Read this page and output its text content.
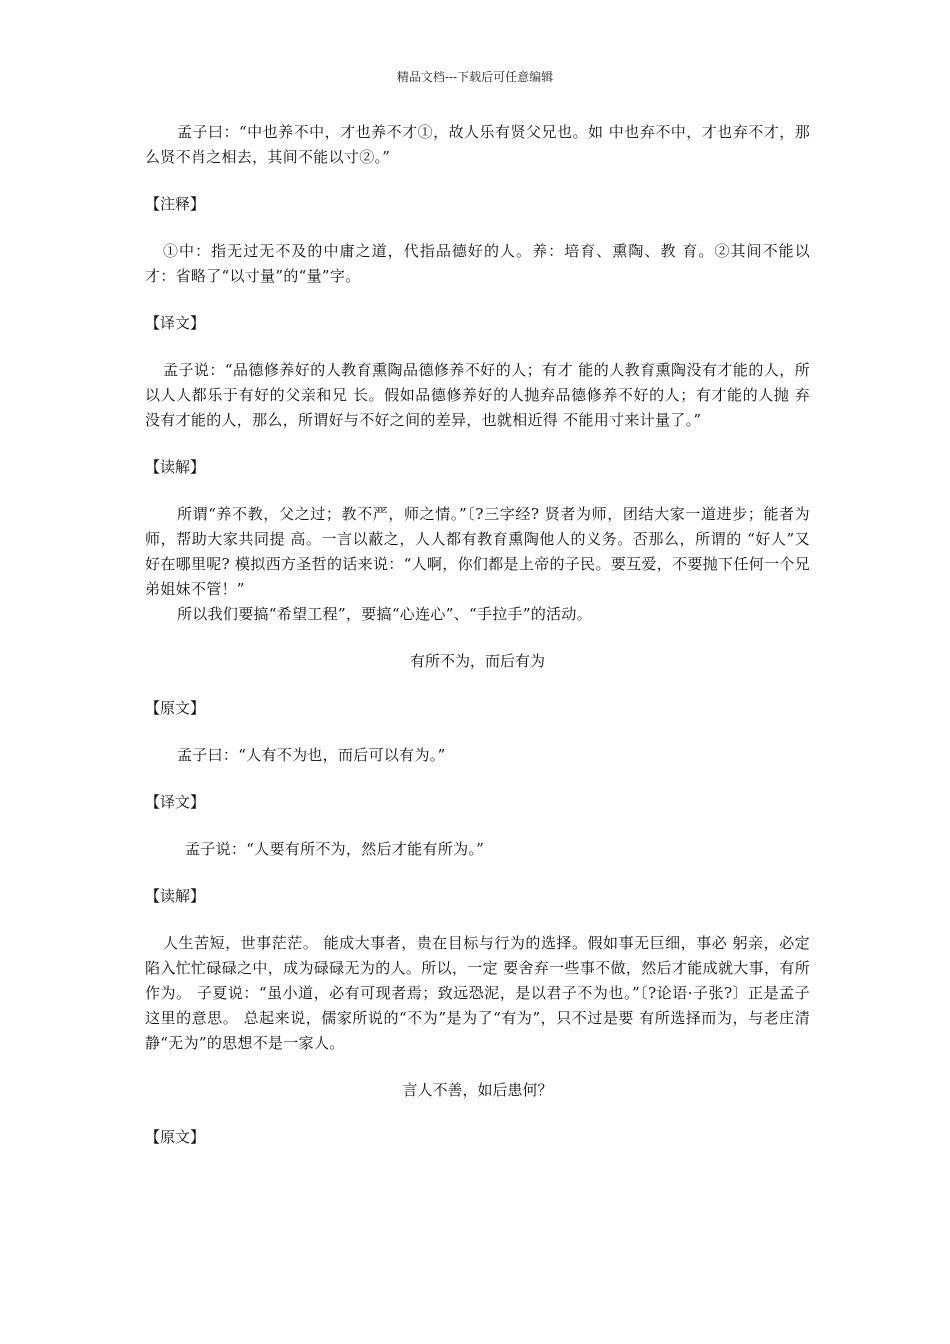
精品文档---下载后可任意编辑

孟子曰：“中也养不中，才也养不才①，故人乐有贤父兄也。如 中也弃不中，才也弃不才，那么贤不肖之相去，其间不能以寸②。”

【注释】

①中：指无过无不及的中庸之道，代指品德好的人。养：培育、熏陶、教 育。②其间不能以才：省略了“以寸量”的“量”字。

【译文】

孟子说：“品德修养好的人教育熏陶品德修养不好的人；有才 能的人教育熏陶没有才能的人，所以人人都乐于有好的父亲和兄 长。假如品德修养好的人抛弃品德修养不好的人；有才能的人抛 弃没有才能的人，那么，所谓好与不好之间的差异，也就相近得 不能用寸来计量了。”

【读解】

所谓“养不教，父之过；教不严，师之情。”〔?三字经? 贤者为师，团结大家一道进步；能者为师，帮助大家共同提 高。一言以蔽之，人人都有教育熏陶他人的义务。否那么，所谓的 “好人”又好在哪里呢? 模拟西方圣哲的话来说：“人啊，你们都是上帝的子民。要互爱，不要抛下任何一个兄弟姐妹不管！”

所以我们要搞“希望工程”，要搞“心连心”、“手拉手”的活动。

有所不为，而后有为

【原文】

孟子曰：“人有不为也，而后可以有为。”

【译文】

孟子说：“人要有所不为，然后才能有所为。”

【读解】

人生苦短，世事茫茫。 能成大事者，贵在目标与行为的选择。假如事无巨细，事必 躬亲，必定陷入忙忙碌碌之中，成为碌碌无为的人。所以，一定 要舍弃一些事不做，然后才能成就大事，有所作为。 子夏说：“虽小道，必有可现者焉；致远恐泥，是以君子不为也。”〔?论语·子张?〕正是孟子这里的意思。 总起来说，儒家所说的“不为”是为了“有为”，只不过是要 有所选择而为，与老庄清静“无为”的思想不是一家人。

言人不善，如后患何？

【原文】
